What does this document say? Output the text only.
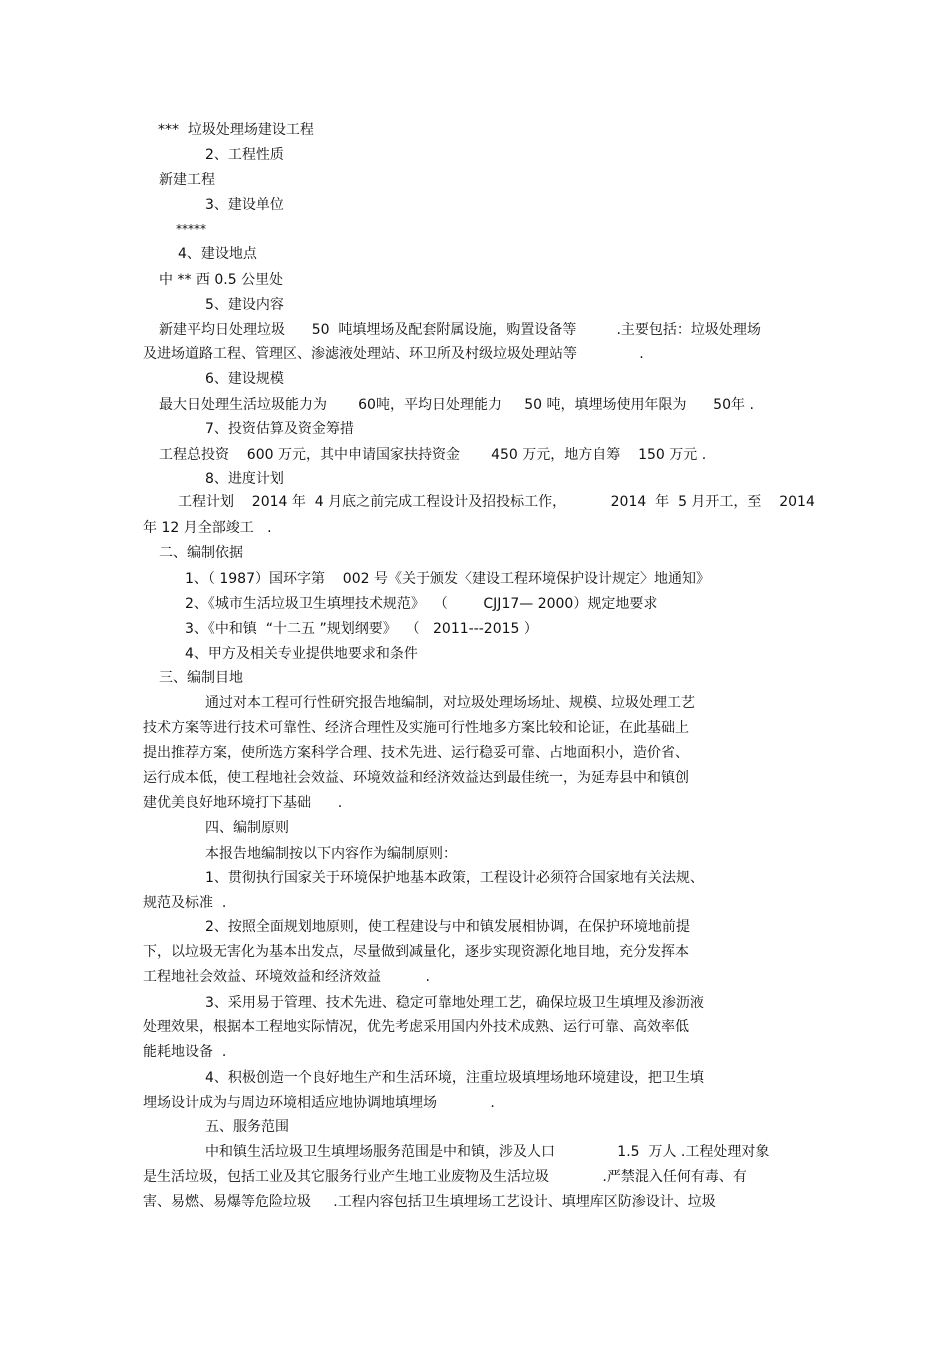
***  垃圾处理场建设工程
2、工程性质
新建工程
3、建设单位
*****
4、建设地点
中 ** 西 0.5 公里处
5、建设内容
新建平均日处理垃圾      50  吨填埋场及配套附属设施，购置设备等         .主要包括：垃圾处理场
及进场道路工程、管理区、渗滤液处理站、环卫所及村级垃圾处理站等              .
6、建设规模
最大日处理生活垃圾能力为       60吨，平均日处理能力     50 吨，填埋场使用年限为      50年 .
7、投资估算及资金筹措
工程总投资    600 万元，其中申请国家扶持资金       450 万元，地方自筹    150 万元 .
8、进度计划
工程计划    2014 年  4 月底之前完成工程设计及招投标工作，          2014  年  5 月开工，至    2014
年 12 月全部竣工   .
二、编制依据
1、（ 1987）国环字第    002 号《关于颁发〈建设工程环境保护设计规定〉地通知》
2、《城市生活垃圾卫生填埋技术规范》  （        CJJ17— 2000）规定地要求
3、《中和镇  “十二五 ”规划纲要》  （   2011---2015 ）
4、甲方及相关专业提供地要求和条件
三、编制目地
通过对本工程可行性研究报告地编制，对垃圾处理场场址、规模、垃圾处理工艺
技术方案等进行技术可靠性、经济合理性及实施可行性地多方案比较和论证，在此基础上
提出推荐方案，使所选方案科学合理、技术先进、运行稳妥可靠、占地面积小，造价省、
运行成本低，使工程地社会效益、环境效益和经济效益达到最佳统一，为延寿县中和镇创
建优美良好地环境打下基础      .
四、编制原则
本报告地编制按以下内容作为编制原则：
1、贯彻执行国家关于环境保护地基本政策，工程设计必须符合国家地有关法规、
规范及标准  .
2、按照全面规划地原则，使工程建设与中和镇发展相协调，在保护环境地前提
下，以垃圾无害化为基本出发点，尽量做到减量化，逐步实现资源化地目地，充分发挥本
工程地社会效益、环境效益和经济效益          .
3、采用易于管理、技术先进、稳定可靠地处理工艺，确保垃圾卫生填埋及渗沥液
处理效果，根据本工程地实际情况，优先考虑采用国内外技术成熟、运行可靠、高效率低
能耗地设备  .
4、积极创造一个良好地生产和生活环境，注重垃圾填埋场地环境建设，把卫生填
埋场设计成为与周边环境相适应地协调地填埋场            .
五、服务范围
中和镇生活垃圾卫生填埋场服务范围是中和镇，涉及人口              1.5  万人 .工程处理对象
是生活垃圾，包括工业及其它服务行业产生地工业废物及生活垃圾            .严禁混入任何有毒、有
害、易燃、易爆等危险垃圾     .工程内容包括卫生填埋场工艺设计、填埋库区防渗设计、垃圾
